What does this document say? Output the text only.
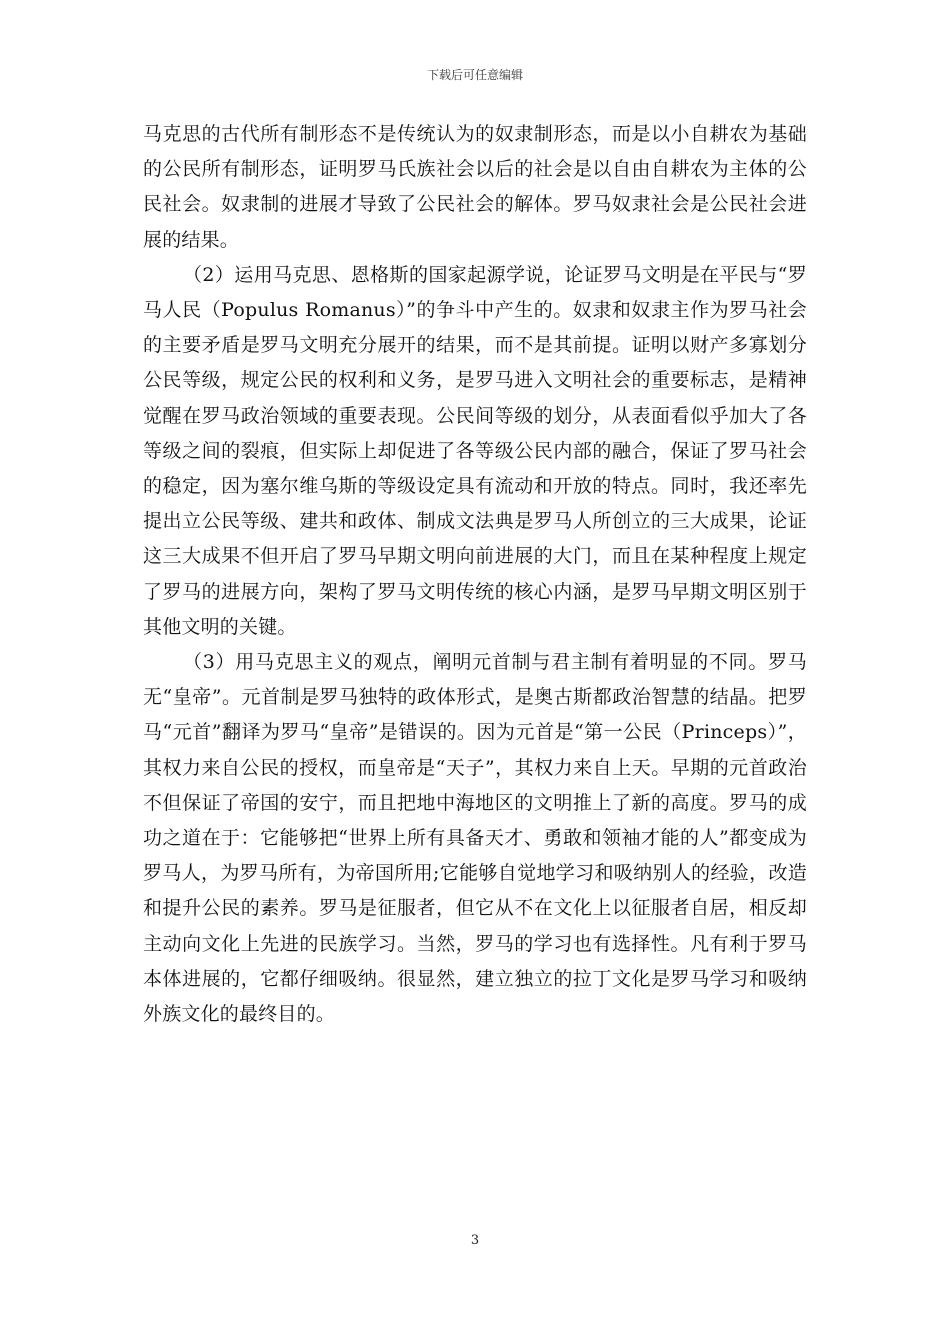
下载后可任意编辑

马克思的古代所有制形态不是传统认为的奴隶制形态，而是以小自耕农为基础的公民所有制形态，证明罗马氏族社会以后的社会是以自由自耕农为主体的公民社会。奴隶制的进展才导致了公民社会的解体。罗马奴隶社会是公民社会进展的结果。

（2）运用马克思、恩格斯的国家起源学说，论证罗马文明是在平民与“罗马人民（Populus Romanus）”的争斗中产生的。奴隶和奴隶主作为罗马社会的主要矛盾是罗马文明充分展开的结果，而不是其前提。证明以财产多寡划分公民等级，规定公民的权利和义务，是罗马进入文明社会的重要标志，是精神觉醒在罗马政治领域的重要表现。公民间等级的划分，从表面看似乎加大了各等级之间的裂痕，但实际上却促进了各等级公民内部的融合，保证了罗马社会的稳定，因为塞尔维乌斯的等级设定具有流动和开放的特点。同时，我还率先提出立公民等级、建共和政体、制成文法典是罗马人所创立的三大成果，论证这三大成果不但开启了罗马早期文明向前进展的大门，而且在某种程度上规定了罗马的进展方向，架构了罗马文明传统的核心内涵，是罗马早期文明区别于其他文明的关键。

（3）用马克思主义的观点，阐明元首制与君主制有着明显的不同。罗马无“皇帝”。元首制是罗马独特的政体形式，是奥古斯都政治智慧的结晶。把罗马“元首”翻译为罗马“皇帝”是错误的。因为元首是“第一公民（Princeps）”，其权力来自公民的授权，而皇帝是“天子”，其权力来自上天。早期的元首政治不但保证了帝国的安宁，而且把地中海地区的文明推上了新的高度。罗马的成功之道在于：它能够把“世界上所有具备天才、勇敢和领袖才能的人”都变成为罗马人，为罗马所有，为帝国所用;它能够自觉地学习和吸纳别人的经验，改造和提升公民的素养。罗马是征服者，但它从不在文化上以征服者自居，相反却主动向文化上先进的民族学习。当然，罗马的学习也有选择性。凡有利于罗马本体进展的，它都仔细吸纳。很显然，建立独立的拉丁文化是罗马学习和吸纳外族文化的最终目的。

3
